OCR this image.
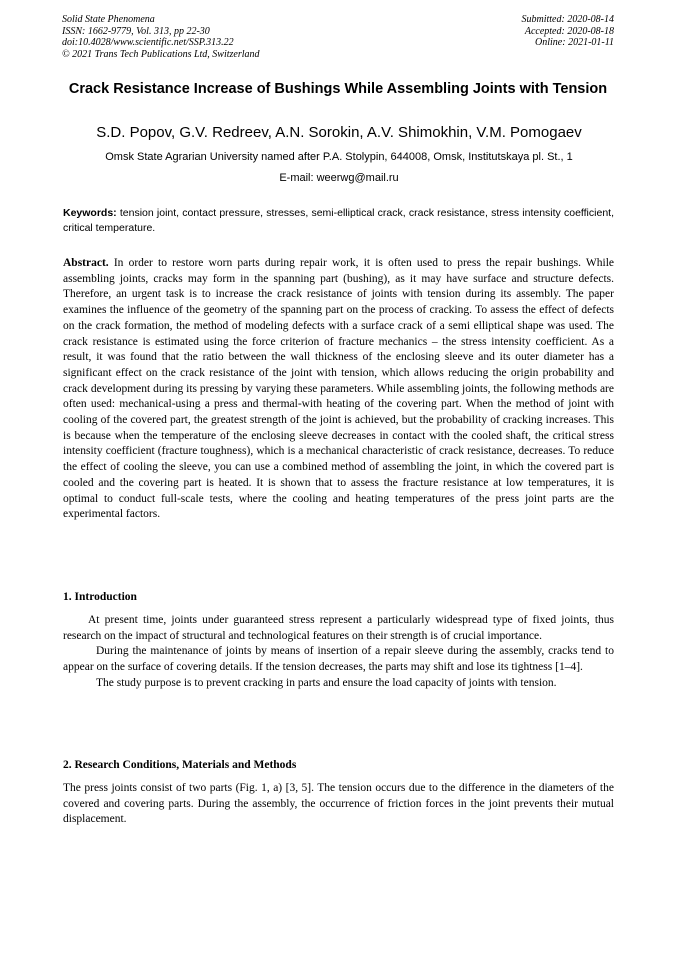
Solid State Phenomena
ISSN: 1662-9779, Vol. 313, pp 22-30
doi:10.4028/www.scientific.net/SSP.313.22
© 2021 Trans Tech Publications Ltd, Switzerland
Submitted: 2020-08-14
Accepted: 2020-08-18
Online: 2021-01-11
Crack Resistance Increase of Bushings While Assembling Joints with Tension
S.D. Popov, G.V. Redreev, A.N. Sorokin, A.V. Shimokhin, V.M. Pomogaev
Omsk State Agrarian University named after P.A. Stolypin, 644008, Omsk, Institutskaya pl. St., 1
E-mail: weerwg@mail.ru
Keywords: tension joint, contact pressure, stresses, semi-elliptical crack, crack resistance, stress intensity coefficient, critical temperature.
Abstract. In order to restore worn parts during repair work, it is often used to press the repair bushings. While assembling joints, cracks may form in the spanning part (bushing), as it may have surface and structure defects. Therefore, an urgent task is to increase the crack resistance of joints with tension during its assembly. The paper examines the influence of the geometry of the spanning part on the process of cracking. To assess the effect of defects on the crack formation, the method of modeling defects with a surface crack of a semi elliptical shape was used. The crack resistance is estimated using the force criterion of fracture mechanics – the stress intensity coefficient. As a result, it was found that the ratio between the wall thickness of the enclosing sleeve and its outer diameter has a significant effect on the crack resistance of the joint with tension, which allows reducing the origin probability and crack development during its pressing by varying these parameters. While assembling joints, the following methods are often used: mechanical-using a press and thermal-with heating of the covering part. When the method of joint with cooling of the covered part, the greatest strength of the joint is achieved, but the probability of cracking increases. This is because when the temperature of the enclosing sleeve decreases in contact with the cooled shaft, the critical stress intensity coefficient (fracture toughness), which is a mechanical characteristic of crack resistance, decreases. To reduce the effect of cooling the sleeve, you can use a combined method of assembling the joint, in which the covered part is cooled and the covering part is heated. It is shown that to assess the fracture resistance at low temperatures, it is optimal to conduct full-scale tests, where the cooling and heating temperatures of the press joint parts are the experimental factors.
1. Introduction

At present time, joints under guaranteed stress represent a particularly widespread type of fixed joints, thus research on the impact of structural and technological features on their strength is of crucial importance.

During the maintenance of joints by means of insertion of a repair sleeve during the assembly, cracks tend to appear on the surface of covering details. If the tension decreases, the parts may shift and lose its tightness [1–4].

The study purpose is to prevent cracking in parts and ensure the load capacity of joints with tension.

2. Research Conditions, Materials and Methods

The press joints consist of two parts (Fig. 1, a) [3, 5]. The tension occurs due to the difference in the diameters of the covered and covering parts. During the assembly, the occurrence of friction forces in the joint prevents their mutual displacement.
